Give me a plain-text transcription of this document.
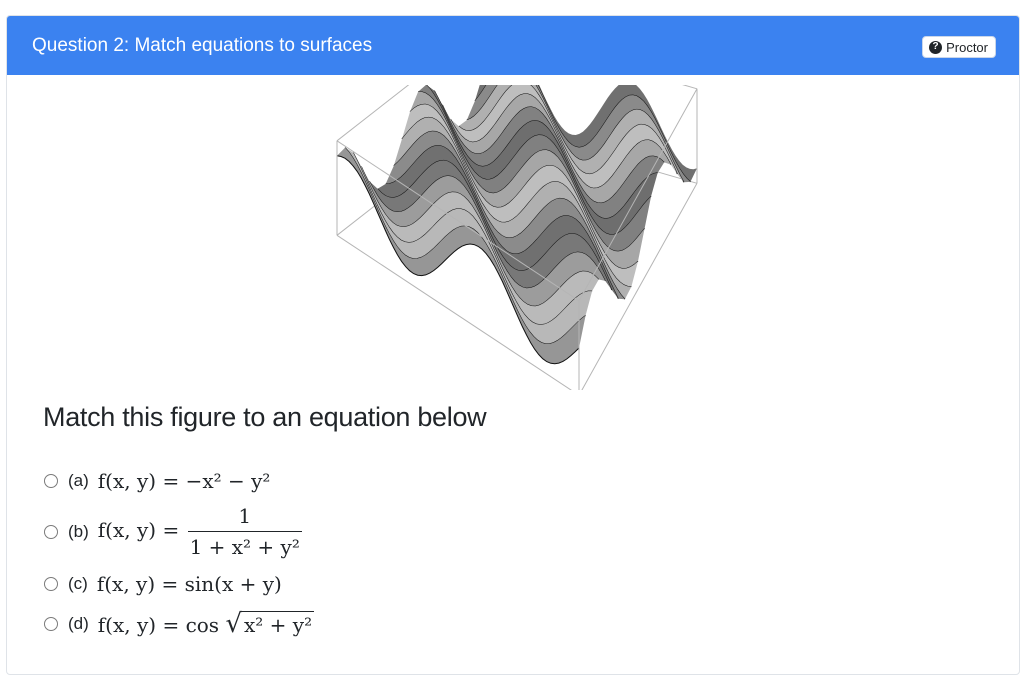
Question 2: Match equations to surfaces	? Proctor
Match this figure to an equation below
(a) f(x, y) = −x² − y²
(b) f(x, $y) = \frac{1}{\text{1 + x² + y²}}$
(c) f(x, y) = sin(x + y)
(d) f(x, y) = cos √ x² + y²
